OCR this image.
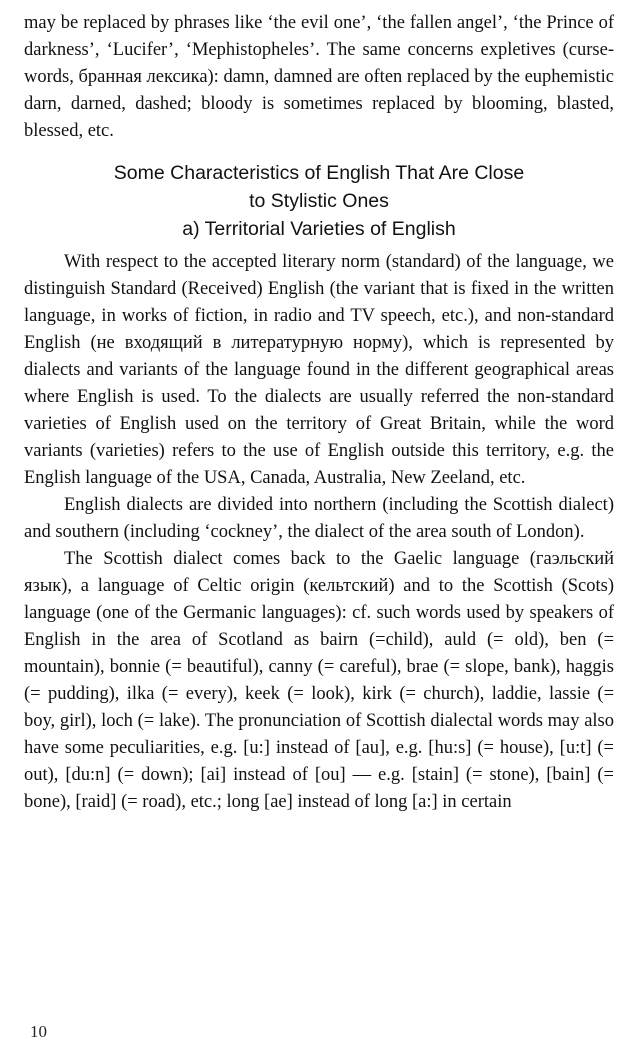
may be replaced by phrases like ‘the evil one’, ‘the fallen angel’, ‘the Prince of darkness’, ‘Lucifer’, ‘Mephistopheles’. The same concerns expletives (curse-words, бранная лексика): damn, damned are often replaced by the euphemistic darn, darned, dashed; bloody is sometimes replaced by blooming, blasted, blessed, etc.

Some Characteristics of English That Are Close
to Stylistic Ones
a) Territorial Varieties of English

With respect to the accepted literary norm (standard) of the language, we distinguish Standard (Received) English (the variant that is fixed in the written language, in works of fiction, in radio and TV speech, etc.), and non-standard English (не входящий в литературную норму), which is represented by dialects and variants of the language found in the different geographical areas where English is used. To the dialects are usually referred the non-standard varieties of English used on the territory of Great Britain, while the word variants (varieties) refers to the use of English outside this territory, e.g. the English language of the USA, Canada, Australia, New Zeeland, etc.

English dialects are divided into northern (including the Scottish dialect) and southern (including ‘cockney’, the dialect of the area south of London).

The Scottish dialect comes back to the Gaelic language (гаэльский язык), a language of Celtic origin (кельтский) and to the Scottish (Scots) language (one of the Germanic languages): cf. such words used by speakers of English in the area of Scotland as bairn (=child), auld (= old), ben (= mountain), bonnie (= beautiful), canny (= careful), brae (= slope, bank), haggis (= pudding), ilka (= every), keek (= look), kirk (= church), laddie, lassie (= boy, girl), loch (= lake). The pronunciation of Scottish dialectal words may also have some peculiarities, e.g. [u:] instead of [au], e.g. [hu:s] (= house), [u:t] (= out), [du:n] (= down); [ai] instead of [ou] — e.g. [stain] (= stone), [bain] (= bone), [raid] (= road), etc.; long [ae] instead of long [a:] in certain

10
